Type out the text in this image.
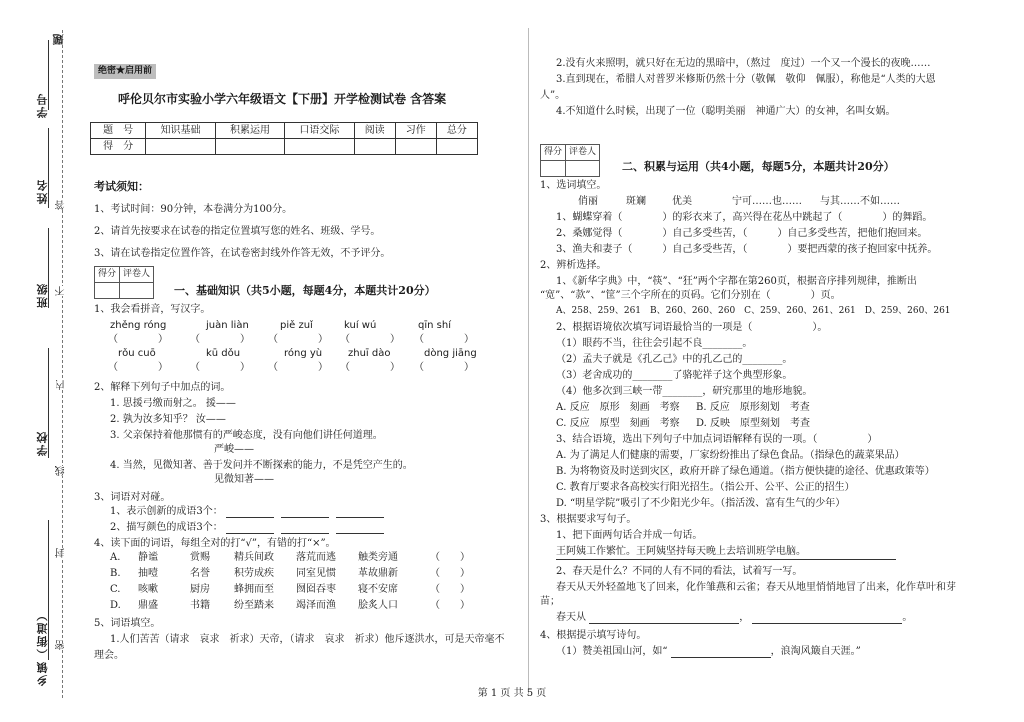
题
学号
姓名
班级
学校
乡镇（街道） 密
封
线
内
不
答
绝密★启用前
呼伦贝尔市实验小学六年级语文【下册】开学检测试卷 含答案
题　号	知识基础	积累运用	口语交际	阅读	习作	总分
得　分						
考试须知：
1、考试时间：90分钟，本卷满分为100分。
2、请首先按要求在试卷的指定位置填写您的姓名、班级、学号。
3、请在试卷指定位置作答，在试卷密封线外作答无效，不予评分。
得分	评卷人

一、基础知识（共5小题，每题4分，本题共计20分）
1、我会看拼音，写汉字。
zhěng róng	juàn liàn	piě zuǐ	kuí wú	qīn shí
（　　　　） （　　　　） （　　　　） （　　　　） （　　　　）
rǒu cuō	kū dǒu	róng yù	zhuī dào	dòng jiāng
（　　　　） （　　　　） （　　　　） （　　　　） （　　　　）
2、解释下列句子中加点的词。
1. 思援弓缴而射之。 援——
2. 孰为汝多知乎？ 汝——
3. 父亲保持着他那惯有的严峻态度，没有向他们讲任何道理。
严峻——
4. 当然，见微知著、善于发问并不断探索的能力，不是凭空产生的。
见微知著——
3、词语对对碰。
1、表示创新的成语3个：
2、描写颜色的成语3个：
4、读下面的词语，每组全对的打“√”，有错的打“×”。
A. 静谧	赏赐 精兵间政 落荒而逃 触类旁通	（　　）
B. 抽噎	名誉 积劳成疾 同室见惯 革故鼎新	（　　）
C. 咳嗽	厨房 蜂拥而至 囫囵吞枣 寝不安席	（　　）
D. 鼎盛	书籍 纷至踏来 竭泽而渔 脍炙人口	（　　）
5、词语填空。
1.人们苦苦（请求　哀求　祈求）天帝，（请求　哀求　祈求）他斥逐洪水，可是天帝毫不
理会。
2.没有火来照明，就只好在无边的黑暗中，（熬过　度过）一个又一个漫长的夜晚……
3.直到现在，希腊人对普罗米修斯仍然十分（敬佩　敬仰　佩服），称他是“人类的大恩
人”。
4.不知道什么时候，出现了一位（聪明美丽　神通广大）的女神，名叫女娲。
得分	评卷人

二、积累与运用（共4小题，每题5分，本题共计20分）
1、选词填空。
俏丽	斑斓	优美	宁可……也…… 与其……不如……
1、蝴蝶穿着（　　　　）的彩衣来了，高兴得在花丛中跳起了（　　　　）的舞蹈。
2、桑娜觉得（　　　　）自己多受些苦，（　　　）自己多受些苦，把他们抱回来。
3、渔夫和妻子（　　　）自己多受些苦，（　　　　）要把西蒙的孩子抱回家中抚养。
2、辨析选择。
1、《新华字典》中，“筷”、“狂”两个字都在第260页，根据音序排列规律，推断出
“宽”、“款”、“筐”三个字所在的页码。它们分别在（　　　　）页。
A、258、259、261　B、260、260、260　C、259、260、261、261　D、259、260、261
2、根据语境依次填写词语最恰当的一项是（　　　　　　）。
（1）眼药不当，往往会引起不良________。
（2）孟夫子就是《孔乙己》中的孔乙己的________。
（3）老舍成功的________了骆驼祥子这个典型形象。
（4）他多次到三峡一带________，研究那里的地形地貌。
A. 反应　原形　刻画　考察 B. 反应　原形刻划　考查
C. 反应　原型　刻画　考察 D. 反映　原型刻划　考查
3、结合语境，选出下列句子中加点词语解释有误的一项。（　　　　　）
A. 为了满足人们健康的需要，厂家纷纷推出了绿色食品。（指绿色的蔬菜果品）
B. 为将物资及时送到灾区，政府开辟了绿色通道。（指方便快捷的途径、优惠政策等）
C. 教育厅要求各高校实行阳光招生。（指公开、公平、公正的招生）
D. “明星学院”吸引了不少阳光少年。（指活泼、富有生气的少年）
3、根据要求写句子。
1、把下面两句话合并成一句话。
王阿姨工作繁忙。王阿姨坚持每天晚上去培训班学电脑。
2、春天是什么？不同的人有不同的看法，试着写一写。
春天从天外轻盈地飞了回来，化作雏燕和云雀；春天从地里悄悄地冒了出来，化作草叶和芽
苗；
春天从	，	。
4、根据提示填写诗句。
（1）赞美祖国山河，如“	，浪淘风簸自天涯。”
第 1 页 共 5 页
